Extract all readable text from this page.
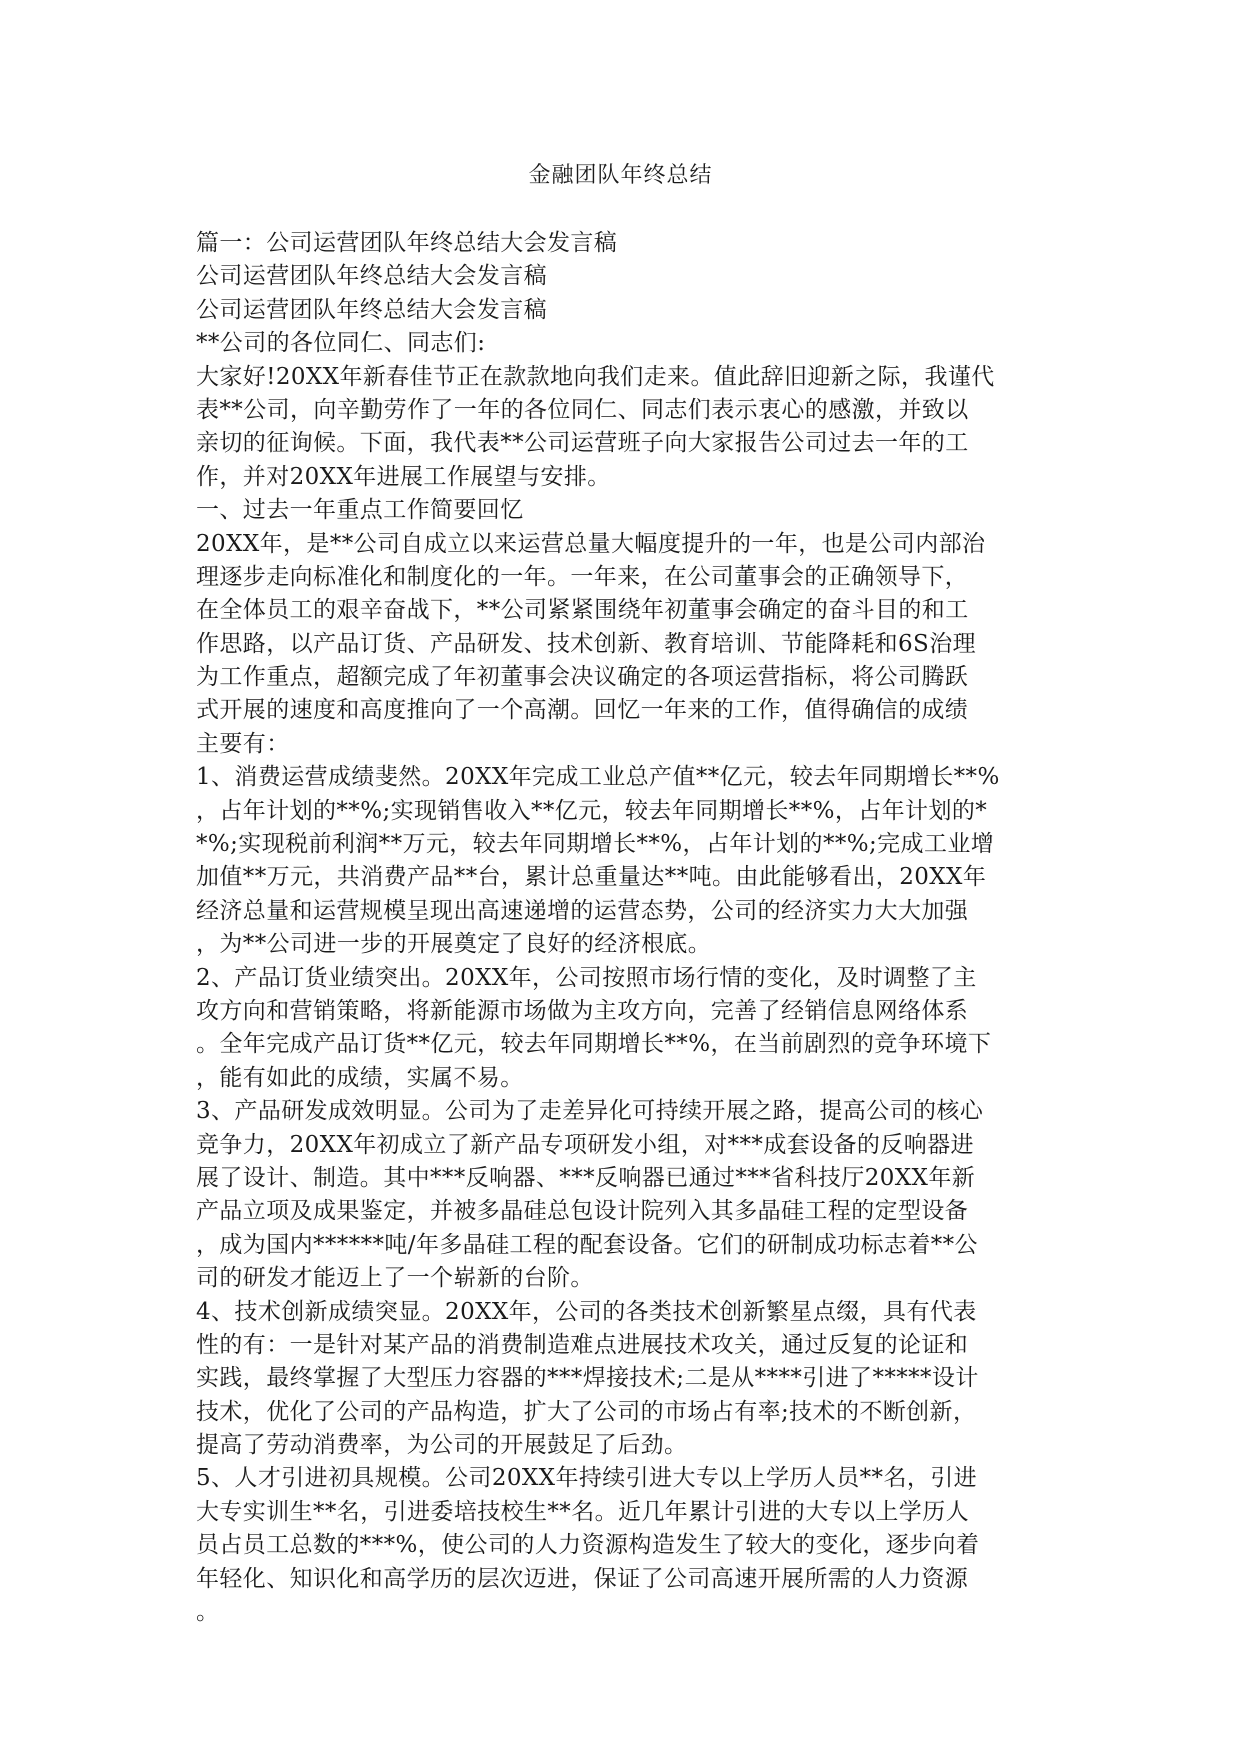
金融团队年终总结
篇一：公司运营团队年终总结大会发言稿
公司运营团队年终总结大会发言稿
公司运营团队年终总结大会发言稿
**公司的各位同仁、同志们:
大家好!20XX年新春佳节正在款款地向我们走来。值此辞旧迎新之际，我谨代
表**公司，向辛勤劳作了一年的各位同仁、同志们表示衷心的感激，并致以
亲切的征询候。下面，我代表**公司运营班子向大家报告公司过去一年的工
作，并对20XX年进展工作展望与安排。
一、过去一年重点工作简要回忆
20XX年，是**公司自成立以来运营总量大幅度提升的一年，也是公司内部治
理逐步走向标准化和制度化的一年。一年来，在公司董事会的正确领导下，
在全体员工的艰辛奋战下，**公司紧紧围绕年初董事会确定的奋斗目的和工
作思路，以产品订货、产品研发、技术创新、教育培训、节能降耗和6S治理
为工作重点，超额完成了年初董事会决议确定的各项运营指标，将公司腾跃
式开展的速度和高度推向了一个高潮。回忆一年来的工作，值得确信的成绩
主要有：
1、消费运营成绩斐然。20XX年完成工业总产值**亿元，较去年同期增长**%
，占年计划的**%;实现销售收入**亿元，较去年同期增长**%，占年计划的*
*%;实现税前利润**万元，较去年同期增长**%，占年计划的**%;完成工业增
加值**万元，共消费产品**台，累计总重量达**吨。由此能够看出，20XX年
经济总量和运营规模呈现出高速递增的运营态势，公司的经济实力大大加强
，为**公司进一步的开展奠定了良好的经济根底。
2、产品订货业绩突出。20XX年，公司按照市场行情的变化，及时调整了主
攻方向和营销策略，将新能源市场做为主攻方向，完善了经销信息网络体系
。全年完成产品订货**亿元，较去年同期增长**%，在当前剧烈的竞争环境下
，能有如此的成绩，实属不易。
3、产品研发成效明显。公司为了走差异化可持续开展之路，提高公司的核心
竞争力，20XX年初成立了新产品专项研发小组，对***成套设备的反响器进
展了设计、制造。其中***反响器、***反响器已通过***省科技厅20XX年新
产品立项及成果鉴定，并被多晶硅总包设计院列入其多晶硅工程的定型设备
，成为国内******吨/年多晶硅工程的配套设备。它们的研制成功标志着**公
司的研发才能迈上了一个崭新的台阶。
4、技术创新成绩突显。20XX年，公司的各类技术创新繁星点缀，具有代表
性的有：一是针对某产品的消费制造难点进展技术攻关，通过反复的论证和
实践，最终掌握了大型压力容器的***焊接技术;二是从****引进了*****设计
技术，优化了公司的产品构造，扩大了公司的市场占有率;技术的不断创新，
提高了劳动消费率，为公司的开展鼓足了后劲。
5、人才引进初具规模。公司20XX年持续引进大专以上学历人员**名，引进
大专实训生**名，引进委培技校生**名。近几年累计引进的大专以上学历人
员占员工总数的***%，使公司的人力资源构造发生了较大的变化，逐步向着
年轻化、知识化和高学历的层次迈进，保证了公司高速开展所需的人力资源
。
